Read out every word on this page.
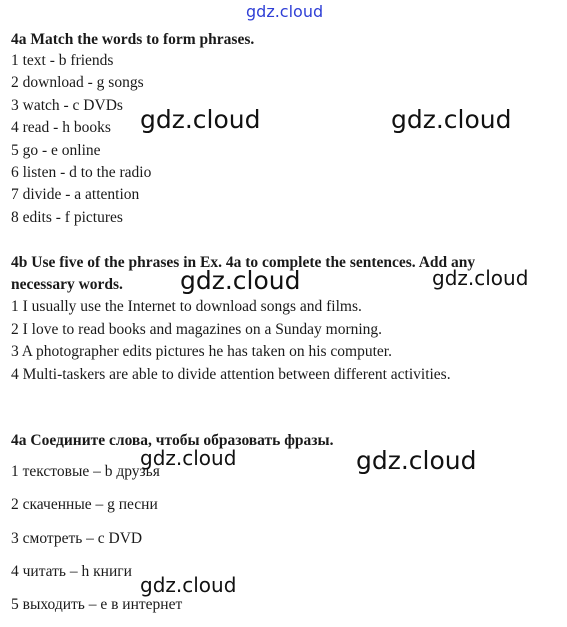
gdz.cloud
4a Match the words to form phrases.
1 text - b friends
2 download - g songs
3 watch - c DVDs
4 read - h books
5 go - e online
6 listen - d to the radio
7 divide - a attention
8 edits - f pictures
gdz.cloud	gdz.cloud
4b Use five of the phrases in Ex. 4a to complete the sentences. Add any
necessary words.
1 I usually use the Internet to download songs and films.
2 I love to read books and magazines on a Sunday morning.
3 A photographer edits pictures he has taken on his computer.
4 Multi-taskers are able to divide attention between different activities.
gdz.cloud	gdz.cloud
4а Соедините слова, чтобы образовать фразы.
1 текстовые – b друзья
2 скаченные – g песни
3 смотреть – c DVD
4 читать – h книги
5 выходить – e в интернет
gdz.cloud	gdz.cloud
gdz.cloud
